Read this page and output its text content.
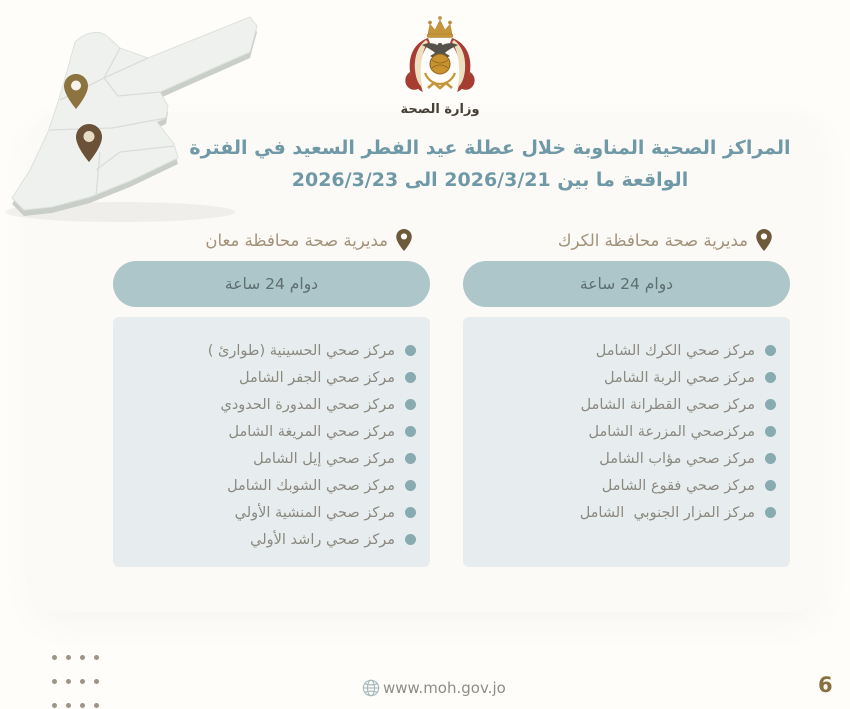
وزارة الصحة
المراكز الصحية المناوبة خلال عطلة عيد الفطر السعيد في الفترة
الواقعة ما بين 2026/3/21 الى 2026/3/23
مديرية صحة محافظة الكرك
دوام 24 ساعة
مركز صحي الكرك الشامل
مركز صحي الربة الشامل
مركز صحي القطرانة الشامل
مركزصحي المزرعة الشامل
مركز صحي مؤاب الشامل
مركز صحي فقوع الشامل
مركز المزار الجنوبي  الشامل
مديرية صحة محافظة معان
دوام 24 ساعة
مركز صحي الحسينية (طوارئ )
مركز صحي الجفر الشامل
مركز صحي المدورة الحدودي
مركز صحي المريغة الشامل
مركز صحي إيل الشامل
مركز صحي الشوبك الشامل
مركز صحي المنشية الأولي
مركز صحي راشد الأولي
www.moh.gov.jo	6
